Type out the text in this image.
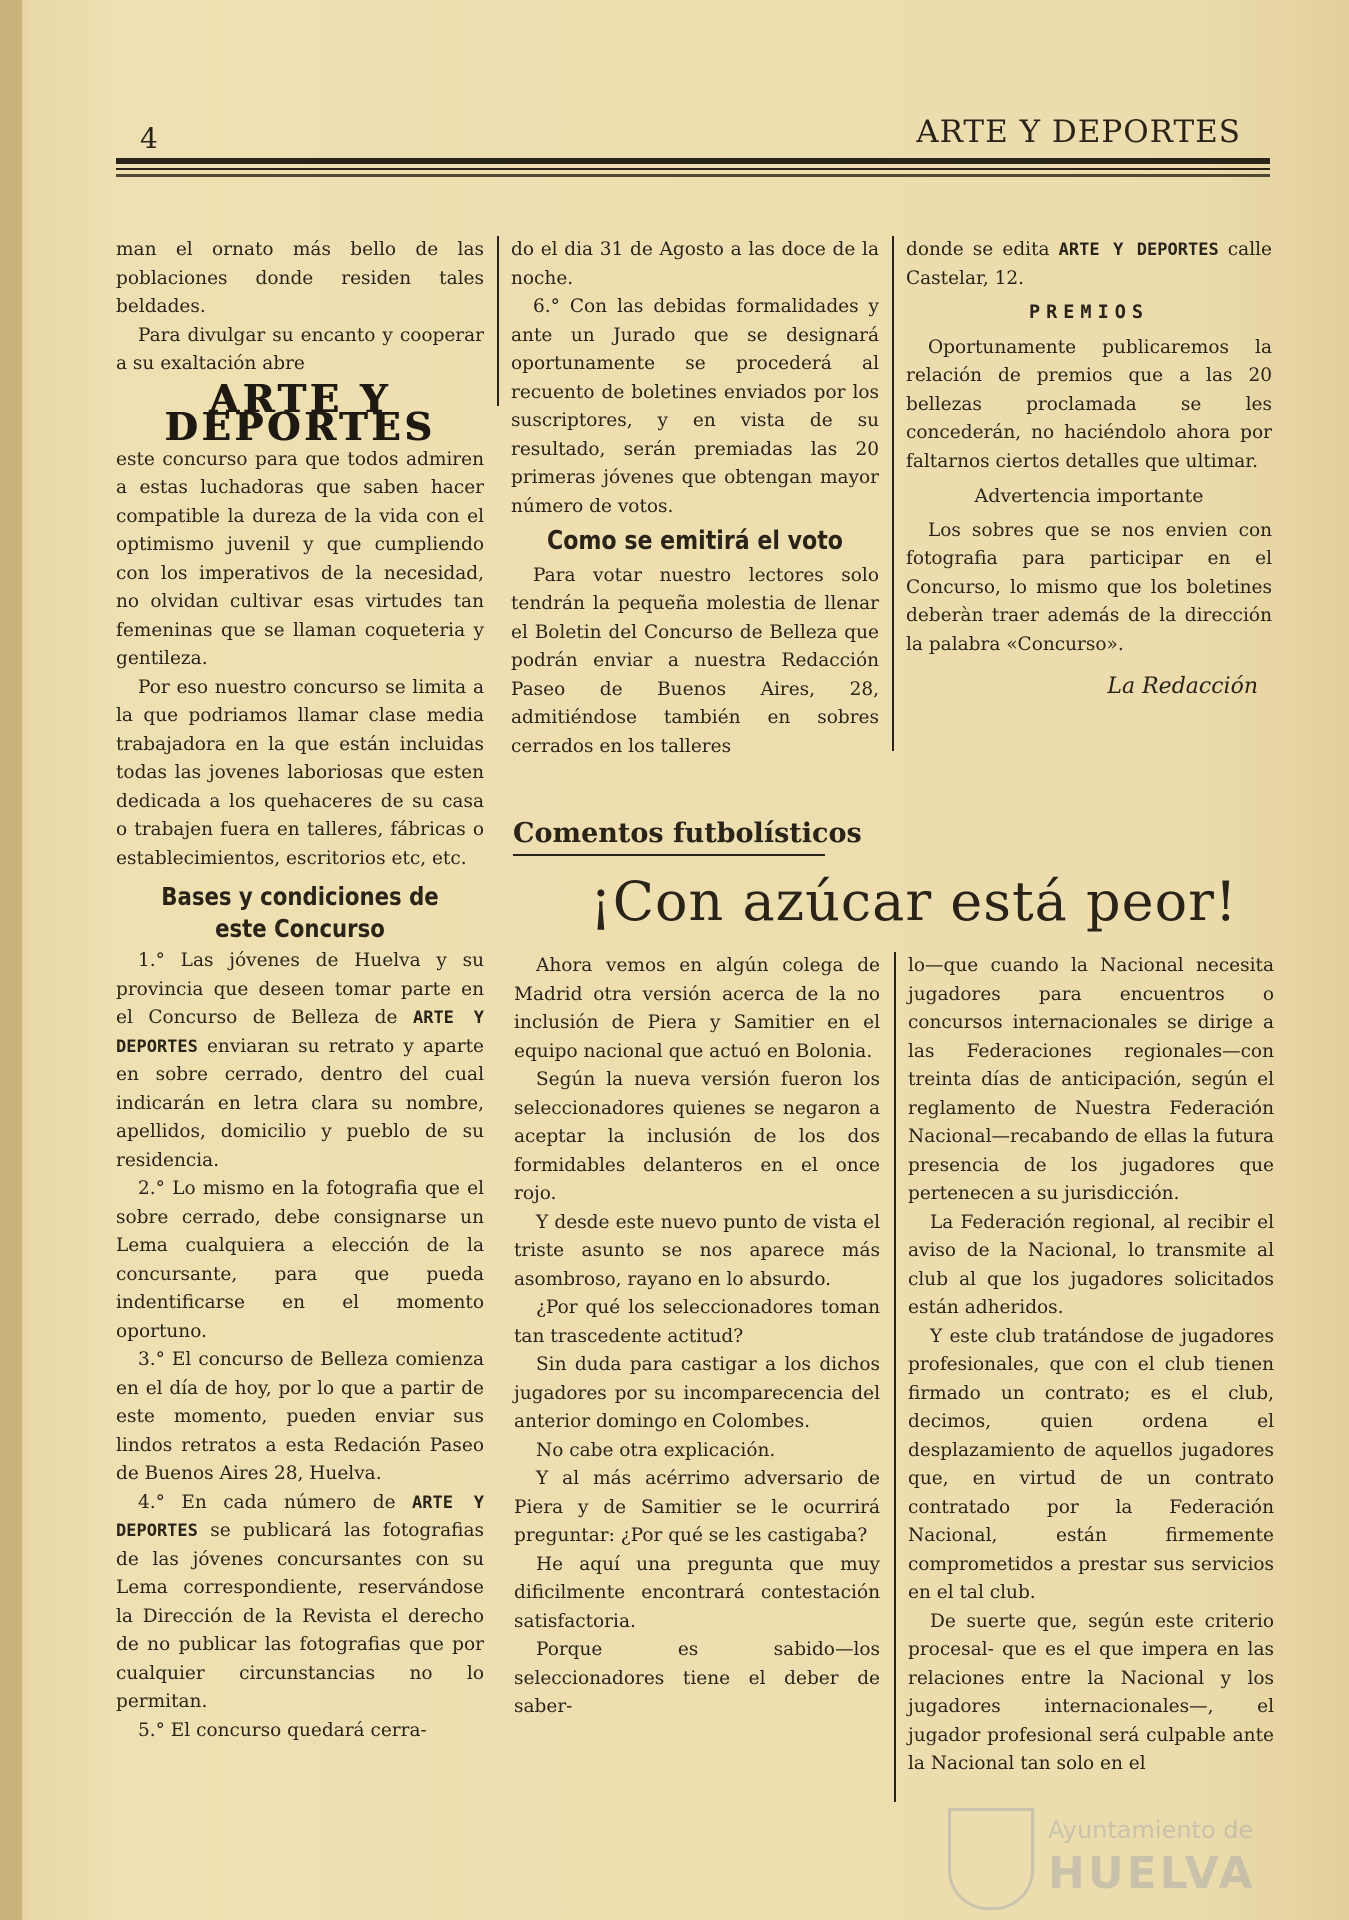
4	ARTE Y DEPORTES

man el ornato más bello de las poblaciones donde residen tales beldades.

Para divulgar su encanto y cooperar a su exaltación abre

ARTE Y DEPORTES

este concurso para que todos admiren a estas luchadoras que saben hacer compatible la dureza de la vida con el optimismo juvenil y que cumpliendo con los imperativos de la necesidad, no olvidan cultivar esas virtudes tan femeninas que se llaman coqueteria y gentileza.

Por eso nuestro concurso se limita a la que podriamos llamar clase media trabajadora en la que están incluidas todas las jovenes laboriosas que esten dedicada a los quehaceres de su casa o trabajen fuera en talleres, fábricas o establecimientos, escritorios etc, etc.

Bases y condiciones de este Concurso

1.° Las jóvenes de Huelva y su provincia que deseen tomar parte en el Concurso de Belleza de ARTE Y DEPORTES enviaran su retrato y aparte en sobre cerrado, dentro del cual indicarán en letra clara su nombre, apellidos, domicilio y pueblo de su residencia.

2.° Lo mismo en la fotografia que el sobre cerrado, debe consignarse un Lema cualquiera a elección de la concursante, para que pueda indentificarse en el momento oportuno.

3.° El concurso de Belleza comienza en el día de hoy, por lo que a partir de este momento, pueden enviar sus lindos retratos a esta Redación Paseo de Buenos Aires 28, Huelva.

4.° En cada número de ARTE Y DEPORTES se publicará las fotografias de las jóvenes concursantes con su Lema correspondiente, reservándose la Dirección de la Revista el derecho de no publicar las fotografias que por cualquier circunstancias no lo permitan.

5.° El concurso quedará cerra-

do el dia 31 de Agosto a las doce de la noche.

6.° Con las debidas formalidades y ante un Jurado que se designará oportunamente se procederá al recuento de boletines enviados por los suscriptores, y en vista de su resultado, serán premiadas las 20 primeras jóvenes que obtengan mayor número de votos.

Como se emitirá el voto

Para votar nuestro lectores solo tendrán la pequeña molestia de llenar el Boletin del Concurso de Belleza que podrán enviar a nuestra Redacción Paseo de Buenos Aires, 28, admitiéndose también en sobres cerrados en los talleres

donde se edita ARTE Y DEPORTES calle Castelar, 12.

PREMIOS

Oportunamente publicaremos la relación de premios que a las 20 bellezas proclamada se les concederán, no haciéndolo ahora por faltarnos ciertos detalles que ultimar.

Advertencia importante

Los sobres que se nos envien con fotografia para participar en el Concurso, lo mismo que los boletines deberàn traer además de la dirección la palabra «Concurso».

La Redacción
Comentos futbolísticos
¡Con azúcar está peor!

Ahora vemos en algún colega de Madrid otra versión acerca de la no inclusión de Piera y Samitier en el equipo nacional que actuó en Bolonia.

Según la nueva versión fueron los seleccionadores quienes se negaron a aceptar la inclusión de los dos formidables delanteros en el once rojo.

Y desde este nuevo punto de vista el triste asunto se nos aparece más asombroso, rayano en lo absurdo.

¿Por qué los seleccionadores toman tan trascedente actitud?

Sin duda para castigar a los dichos jugadores por su incomparecencia del anterior domingo en Colombes.

No cabe otra explicación.

Y al más acérrimo adversario de Piera y de Samitier se le ocurrirá preguntar: ¿Por qué se les castigaba?

He aquí una pregunta que muy dificilmente encontrará contestación satisfactoria.

Porque es sabido—los seleccionadores tiene el deber de saber-

lo—que cuando la Nacional necesita jugadores para encuentros o concursos internacionales se dirige a las Federaciones regionales—con treinta días de anticipación, según el reglamento de Nuestra Federación Nacional—recabando de ellas la futura presencia de los jugadores que pertenecen a su jurisdicción.

La Federación regional, al recibir el aviso de la Nacional, lo transmite al club al que los jugadores solicitados están adheridos.

Y este club tratándose de jugadores profesionales, que con el club tienen firmado un contrato; es el club, decimos, quien ordena el desplazamiento de aquellos jugadores que, en virtud de un contrato contratado por la Federación Nacional, están firmemente comprometidos a prestar sus servicios en el tal club.

De suerte que, según este criterio procesal- que es el que impera en las relaciones entre la Nacional y los jugadores internacionales—, el jugador profesional será culpable ante la Nacional tan solo en el

Ayuntamiento de
HUELVA
